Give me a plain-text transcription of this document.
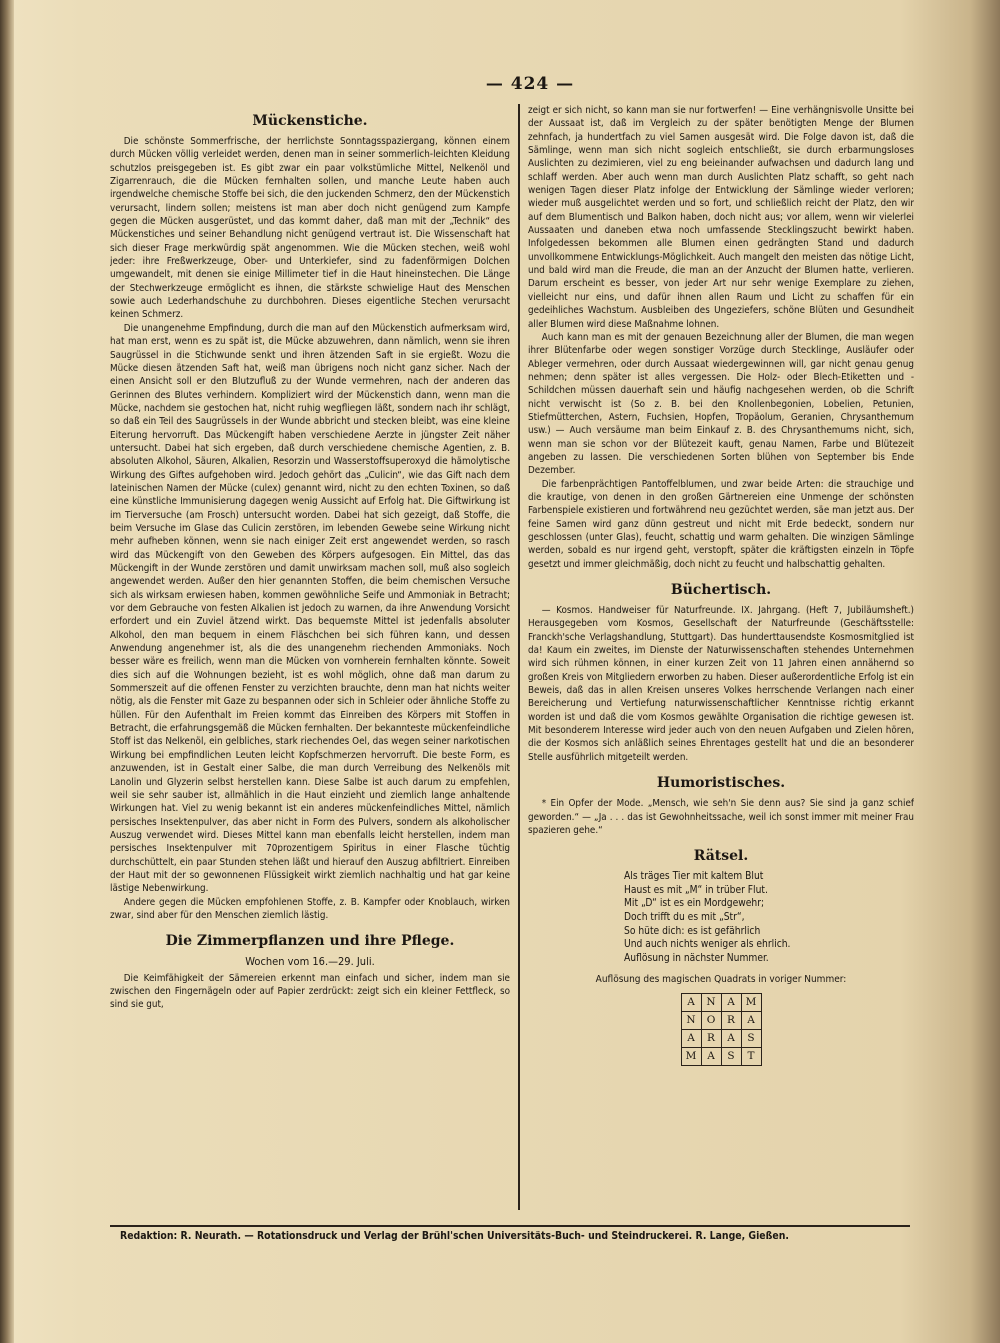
— 424 —
Mückenstiche.

Die schönste Sommerfrische, der herrlichste Sonntagsspaziergang, können einem durch Mücken völlig verleidet werden, denen man in seiner sommerlich-leichten Kleidung schutzlos preisgegeben ist. Es gibt zwar ein paar volkstümliche Mittel, Nelkenöl und Zigarrenrauch, die die Mücken fernhalten sollen, und manche Leute haben auch irgendwelche chemische Stoffe bei sich, die den juckenden Schmerz, den der Mückenstich verursacht, lindern sollen; meistens ist man aber doch nicht genügend zum Kampfe gegen die Mücken ausgerüstet, und das kommt daher, daß man mit der „Technik“ des Mückenstiches und seiner Behandlung nicht genügend vertraut ist. Die Wissenschaft hat sich dieser Frage merkwürdig spät angenommen. Wie die Mücken stechen, weiß wohl jeder: ihre Freßwerkzeuge, Ober- und Unterkiefer, sind zu fadenförmigen Dolchen umgewandelt, mit denen sie einige Millimeter tief in die Haut hineinstechen. Die Länge der Stechwerkzeuge ermöglicht es ihnen, die stärkste schwielige Haut des Menschen sowie auch Lederhandschuhe zu durchbohren. Dieses eigentliche Stechen verursacht keinen Schmerz.

Die unangenehme Empfindung, durch die man auf den Mückenstich aufmerksam wird, hat man erst, wenn es zu spät ist, die Mücke abzuwehren, dann nämlich, wenn sie ihren Saugrüssel in die Stichwunde senkt und ihren ätzenden Saft in sie ergießt. Wozu die Mücke diesen ätzenden Saft hat, weiß man übrigens noch nicht ganz sicher. Nach der einen Ansicht soll er den Blutzufluß zu der Wunde vermehren, nach der anderen das Gerinnen des Blutes verhindern. Kompliziert wird der Mückenstich dann, wenn man die Mücke, nachdem sie gestochen hat, nicht ruhig wegfliegen läßt, sondern nach ihr schlägt, so daß ein Teil des Saugrüssels in der Wunde abbricht und stecken bleibt, was eine kleine Eiterung hervorruft. Das Mückengift haben verschiedene Aerzte in jüngster Zeit näher untersucht. Dabei hat sich ergeben, daß durch verschiedene chemische Agentien, z. B. absoluten Alkohol, Säuren, Alkalien, Resorzin und Wasserstoffsuperoxyd die hämolytische Wirkung des Giftes aufgehoben wird. Jedoch gehört das „Culicin“, wie das Gift nach dem lateinischen Namen der Mücke (culex) genannt wird, nicht zu den echten Toxinen, so daß eine künstliche Immunisierung dagegen wenig Aussicht auf Erfolg hat. Die Giftwirkung ist im Tierversuche (am Frosch) untersucht worden. Dabei hat sich gezeigt, daß Stoffe, die beim Versuche im Glase das Culicin zerstören, im lebenden Gewebe seine Wirkung nicht mehr aufheben können, wenn sie nach einiger Zeit erst angewendet werden, so rasch wird das Mückengift von den Geweben des Körpers aufgesogen. Ein Mittel, das das Mückengift in der Wunde zerstören und damit unwirksam machen soll, muß also sogleich angewendet werden. Außer den hier genannten Stoffen, die beim chemischen Versuche sich als wirksam erwiesen haben, kommen gewöhnliche Seife und Ammoniak in Betracht; vor dem Gebrauche von festen Alkalien ist jedoch zu warnen, da ihre Anwendung Vorsicht erfordert und ein Zuviel ätzend wirkt. Das bequemste Mittel ist jedenfalls absoluter Alkohol, den man bequem in einem Fläschchen bei sich führen kann, und dessen Anwendung angenehmer ist, als die des unangenehm riechenden Ammoniaks. Noch besser wäre es freilich, wenn man die Mücken von vornherein fernhalten könnte. Soweit dies sich auf die Wohnungen bezieht, ist es wohl möglich, ohne daß man darum zu Sommerszeit auf die offenen Fenster zu verzichten brauchte, denn man hat nichts weiter nötig, als die Fenster mit Gaze zu bespannen oder sich in Schleier oder ähnliche Stoffe zu hüllen. Für den Aufenthalt im Freien kommt das Einreiben des Körpers mit Stoffen in Betracht, die erfahrungsgemäß die Mücken fernhalten. Der bekannteste mückenfeindliche Stoff ist das Nelkenöl, ein gelbliches, stark riechendes Oel, das wegen seiner narkotischen Wirkung bei empfindlichen Leuten leicht Kopfschmerzen hervorruft. Die beste Form, es anzuwenden, ist in Gestalt einer Salbe, die man durch Verreibung des Nelkenöls mit Lanolin und Glyzerin selbst herstellen kann. Diese Salbe ist auch darum zu empfehlen, weil sie sehr sauber ist, allmählich in die Haut einzieht und ziemlich lange anhaltende Wirkungen hat. Viel zu wenig bekannt ist ein anderes mückenfeindliches Mittel, nämlich persisches Insektenpulver, das aber nicht in Form des Pulvers, sondern als alkoholischer Auszug verwendet wird. Dieses Mittel kann man ebenfalls leicht herstellen, indem man persisches Insektenpulver mit 70prozentigem Spiritus in einer Flasche tüchtig durchschüttelt, ein paar Stunden stehen läßt und hierauf den Auszug abfiltriert. Einreiben der Haut mit der so gewonnenen Flüssigkeit wirkt ziemlich nachhaltig und hat gar keine lästige Nebenwirkung.

Andere gegen die Mücken empfohlenen Stoffe, z. B. Kampfer oder Knoblauch, wirken zwar, sind aber für den Menschen ziemlich lästig.

Die Zimmerpflanzen und ihre Pflege.
Wochen vom 16.—29. Juli.

Die Keimfähigkeit der Sämereien erkennt man einfach und sicher, indem man sie zwischen den Fingernägeln oder auf Papier zerdrückt: zeigt sich ein kleiner Fettfleck, so sind sie gut,

zeigt er sich nicht, so kann man sie nur fortwerfen! — Eine verhängnisvolle Unsitte bei der Aussaat ist, daß im Vergleich zu der später benötigten Menge der Blumen zehnfach, ja hundertfach zu viel Samen ausgesät wird. Die Folge davon ist, daß die Sämlinge, wenn man sich nicht sogleich entschließt, sie durch erbarmungsloses Auslichten zu dezimieren, viel zu eng beieinander aufwachsen und dadurch lang und schlaff werden. Aber auch wenn man durch Auslichten Platz schafft, so geht nach wenigen Tagen dieser Platz infolge der Entwicklung der Sämlinge wieder verloren; wieder muß ausgelichtet werden und so fort, und schließlich reicht der Platz, den wir auf dem Blumentisch und Balkon haben, doch nicht aus; vor allem, wenn wir vielerlei Aussaaten und daneben etwa noch umfassende Stecklingszucht bewirkt haben. Infolgedessen bekommen alle Blumen einen gedrängten Stand und dadurch unvollkommene Entwicklungs-Möglichkeit. Auch mangelt den meisten das nötige Licht, und bald wird man die Freude, die man an der Anzucht der Blumen hatte, verlieren. Darum erscheint es besser, von jeder Art nur sehr wenige Exemplare zu ziehen, vielleicht nur eins, und dafür ihnen allen Raum und Licht zu schaffen für ein gedeihliches Wachstum. Ausbleiben des Ungeziefers, schöne Blüten und Gesundheit aller Blumen wird diese Maßnahme lohnen.

Auch kann man es mit der genauen Bezeichnung aller der Blumen, die man wegen ihrer Blütenfarbe oder wegen sonstiger Vorzüge durch Stecklinge, Ausläufer oder Ableger vermehren, oder durch Aussaat wiedergewinnen will, gar nicht genau genug nehmen; denn später ist alles vergessen. Die Holz- oder Blech-Etiketten und -Schildchen müssen dauerhaft sein und häufig nachgesehen werden, ob die Schrift nicht verwischt ist (So z. B. bei den Knollenbegonien, Lobelien, Petunien, Stiefmütterchen, Astern, Fuchsien, Hopfen, Tropäolum, Geranien, Chrysanthemum usw.) — Auch versäume man beim Einkauf z. B. des Chrysanthemums nicht, sich, wenn man sie schon vor der Blütezeit kauft, genau Namen, Farbe und Blütezeit angeben zu lassen. Die verschiedenen Sorten blühen von September bis Ende Dezember.

Die farbenprächtigen Pantoffelblumen, und zwar beide Arten: die strauchige und die krautige, von denen in den großen Gärtnereien eine Unmenge der schönsten Farbenspiele existieren und fortwährend neu gezüchtet werden, säe man jetzt aus. Der feine Samen wird ganz dünn gestreut und nicht mit Erde bedeckt, sondern nur geschlossen (unter Glas), feucht, schattig und warm gehalten. Die winzigen Sämlinge werden, sobald es nur irgend geht, verstopft, später die kräftigsten einzeln in Töpfe gesetzt und immer gleichmäßig, doch nicht zu feucht und halbschattig gehalten.

Büchertisch.

— Kosmos. Handweiser für Naturfreunde. IX. Jahrgang. (Heft 7, Jubiläumsheft.) Herausgegeben vom Kosmos, Gesellschaft der Naturfreunde (Geschäftsstelle: Franckh'sche Verlagshandlung, Stuttgart). Das hunderttausendste Kosmosmitglied ist da! Kaum ein zweites, im Dienste der Naturwissenschaften stehendes Unternehmen wird sich rühmen können, in einer kurzen Zeit von 11 Jahren einen annähernd so großen Kreis von Mitgliedern erworben zu haben. Dieser außerordentliche Erfolg ist ein Beweis, daß das in allen Kreisen unseres Volkes herrschende Verlangen nach einer Bereicherung und Vertiefung naturwissenschaftlicher Kenntnisse richtig erkannt worden ist und daß die vom Kosmos gewählte Organisation die richtige gewesen ist. Mit besonderem Interesse wird jeder auch von den neuen Aufgaben und Zielen hören, die der Kosmos sich anläßlich seines Ehrentages gestellt hat und die an besonderer Stelle ausführlich mitgeteilt werden.

Humoristisches.

* Ein Opfer der Mode. „Mensch, wie seh'n Sie denn aus? Sie sind ja ganz schief geworden.“ — „Ja . . . das ist Gewohnheitssache, weil ich sonst immer mit meiner Frau spazieren gehe.“

Rätsel.
Als träges Tier mit kaltem Blut
Haust es mit „M“ in trüber Flut.
Mit „D“ ist es ein Mordgewehr;
Doch trifft du es mit „Str“,
So hüte dich: es ist gefährlich
Und auch nichts weniger als ehrlich.
Auflösung in nächster Nummer.
Auflösung des magischen Quadrats in voriger Nummer:
A	N	A	M
N	O	R	A
A	R	A	S
M	A	S	T
Redaktion: R. Neurath. — Rotationsdruck und Verlag der Brühl'schen Universitäts-Buch- und Steindruckerei. R. Lange, Gießen.
